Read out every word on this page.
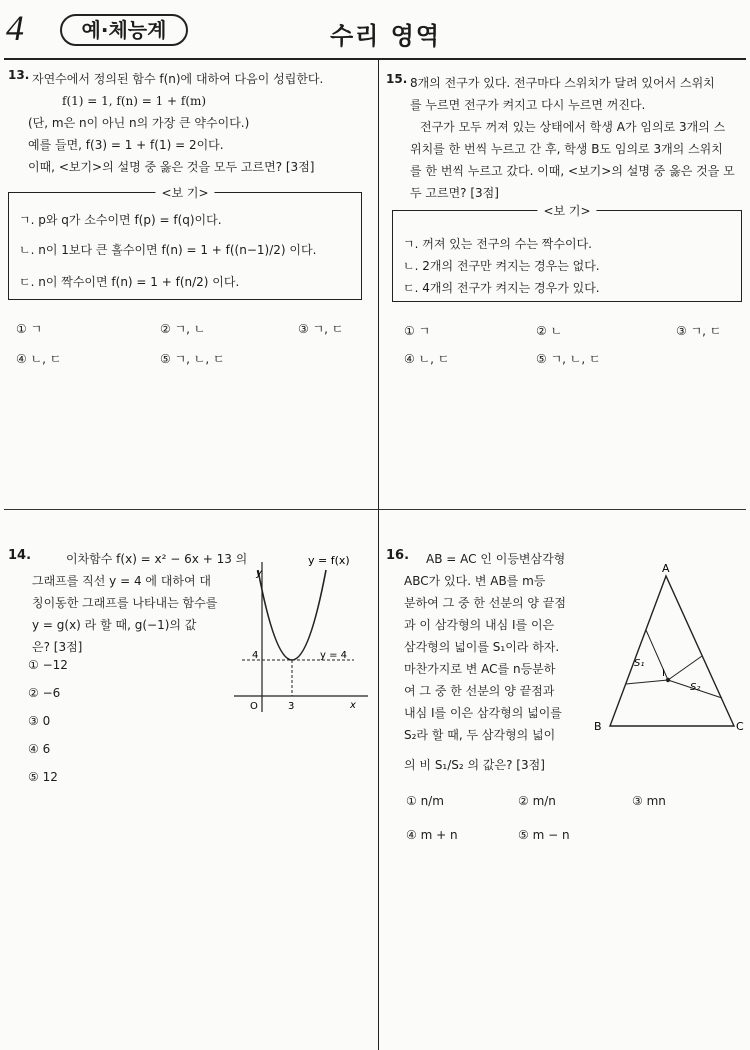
4	예·체능계	수리 영역
13. 자연수에서 정의된 함수 f(n)에 대하여 다음이 성립한다.
f(1) = 1, f(n) = 1 + f(m)
(단, m은 n이 아닌 n의 가장 큰 약수이다.)
예를 들면, f(3) = 1 + f(1) = 2이다.
이때, <보기>의 설명 중 옳은 것을 모두 고르면? [3점]
<보 기>
ㄱ. p와 q가 소수이면 f(p) = f(q)이다.
ㄴ. n이 1보다 큰 홀수이면 f(n) = 1 + f((n−1)/2) 이다.
ㄷ. n이 짝수이면 f(n) = 1 + f(n/2) 이다.
① ㄱ	② ㄱ, ㄴ	③ ㄱ, ㄷ
④ ㄴ, ㄷ	⑤ ㄱ, ㄴ, ㄷ
15. 8개의 전구가 있다. 전구마다 스위치가 달려 있어서 스위치
를 누르면 전구가 켜지고 다시 누르면 꺼진다.
전구가 모두 꺼져 있는 상태에서 학생 A가 임의로 3개의 스
위치를 한 번씩 누르고 간 후, 학생 B도 임의로 3개의 스위치
를 한 번씩 누르고 갔다. 이때, <보기>의 설명 중 옳은 것을 모
두 고르면? [3점]
<보 기>
ㄱ. 꺼져 있는 전구의 수는 짝수이다.
ㄴ. 2개의 전구만 켜지는 경우는 없다.
ㄷ. 4개의 전구가 켜지는 경우가 있다.
① ㄱ	② ㄴ	③ ㄱ, ㄷ
④ ㄴ, ㄷ	⑤ ㄱ, ㄴ, ㄷ
14.	이차함수 f(x) = x² − 6x + 13 의
그래프를 직선 y = 4 에 대하여 대
칭이동한 그래프를 나타내는 함수를
y = g(x) 라 할 때, g(−1)의 값
은? [3점]
① −12
② −6
③ 0
④ 6
⑤ 12
y = f(x)
y = 4
y
x
O	3
4
16. AB = AC 인 이등변삼각형
ABC가 있다. 변 AB를 m등
분하여 그 중 한 선분의 양 끝점
과 이 삼각형의 내심 I를 이은
삼각형의 넓이를 S₁이라 하자.
마찬가지로 변 AC를 n등분하
여 그 중 한 선분의 양 끝점과
내심 I를 이은 삼각형의 넓이를
S₂라 할 때, 두 삼각형의 넓이
의 비 S₁/S₂ 의 값은? [3점]
① n/m	② m/n	③ mn
④ m + n	⑤ m − n
A
B	C
I
S₁
S₂
